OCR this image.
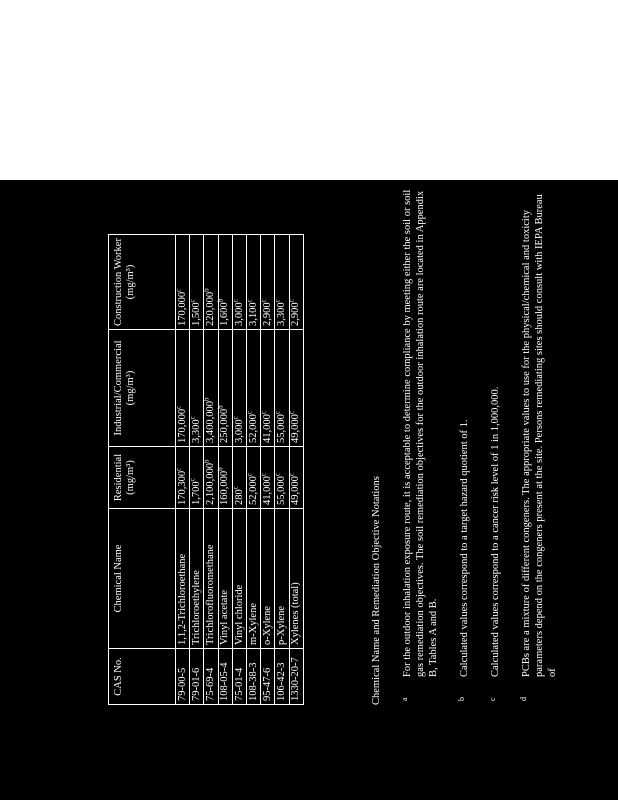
CAS No.	Chemical Name	Residential (mg/m³)	Industrial/Commercial (mg/m³)	Construction Worker (mg/m³)

79-00-5	1,1,2-Trichloroethane	170,300$^c$	170,000$^c$	170,000$^c$
79-01-6	Trichloroethylene	1,700$^c$	3,300$^c$	1,500$^c$
75-69-4	Trichlorofluoromethane	2,100,000$^b$	3,400,000$^b$	220,000$^b$
108-05-4	Vinyl acetate	160,000$^b$	250,000$^b$	1,600$^b$
75-01-4	Vinyl chloride	280$^c$	3,000$^c$	3,000$^c$
108-38-3	m-Xylene	52,000$^c$	52,000$^c$	3,100$^c$
95-47-6	o-Xylene	41,000$^c$	41,000$^c$	2,900$^c$
106-42-3	p-Xylene	55,000$^c$	55,000$^c$	3,300$^c$
1330-20-7	Xylenes (total)	49,000$^c$	49,000$^c$	2,900$^c$

Chemical Name and Remediation Objective Notations a
For the outdoor inhalation exposure route, it is acceptable to determine compliance by meeting either the soil or soil gas remediation objectives. The soil remediation objectives for the outdoor inhalation route are located in Appendix B, Tables A and B.
b
Calculated values correspond to a target hazard quotient of 1.
c
Calculated values correspond to a cancer risk level of 1 in 1,000,000.
d
PCBs are a mixture of different congeners. The appropriate values to use for the physical/chemical and toxicity parameters depend on the congeners present at the site. Persons remediating sites should consult with IEPA Bureau of
